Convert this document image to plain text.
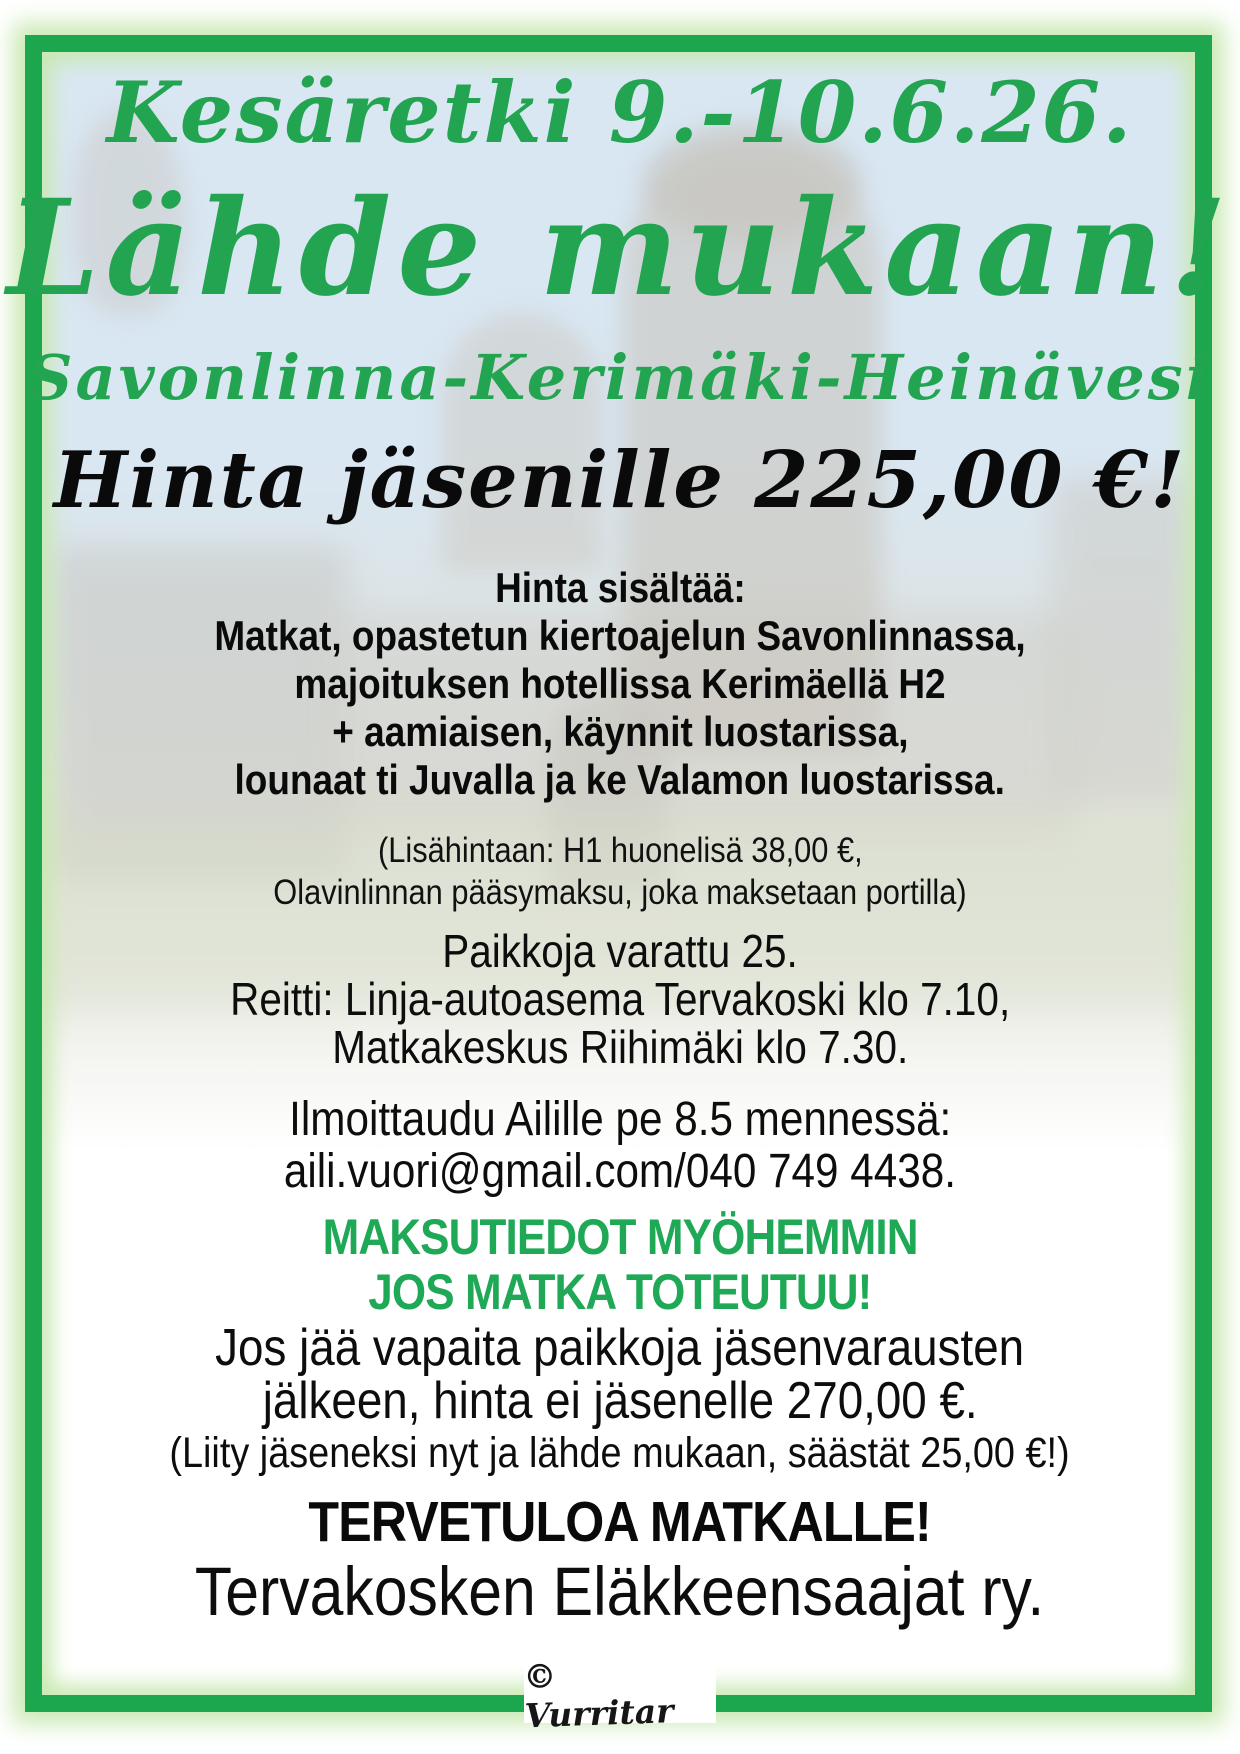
Kesäretki 9.-10.6.26.
Lähde mukaan!
Savonlinna-Kerimäki-Heinävesi
Hinta jäsenille 225,00 €!
Hinta sisältää:
Matkat, opastetun kiertoajelun Savonlinnassa,
majoituksen hotellissa Kerimäellä H2
+ aamiaisen, käynnit luostarissa,
lounaat ti Juvalla ja ke Valamon luostarissa.
(Lisähintaan: H1 huonelisä 38,00 €,
Olavinlinnan pääsymaksu, joka maksetaan portilla)
Paikkoja varattu 25.
Reitti: Linja-autoasema Tervakoski klo 7.10,
Matkakeskus Riihimäki klo 7.30.
Ilmoittaudu Ailille pe 8.5 mennessä:
aili.vuori@gmail.com/040 749 4438.
MAKSUTIEDOT MYÖHEMMIN
JOS MATKA TOTEUTUU!
Jos jää vapaita paikkoja jäsenvarausten
jälkeen, hinta ei jäsenelle 270,00 €.
(Liity jäseneksi nyt ja lähde mukaan, säästät 25,00 €!)
TERVETULOA MATKALLE!
Tervakosken Eläkkeensaajat ry.
© Vurritar
